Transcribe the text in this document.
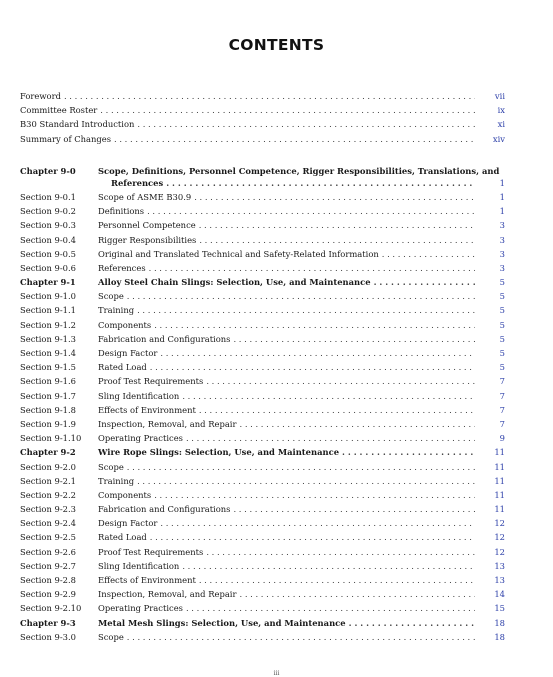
CONTENTS
Foreword . . .	vii
Committee Roster . . .	ix
B30 Standard Introduction . . .	xi
Summary of Changes . . .	xiv
Chapter 9-0	Scope, Definitions, Personnel Competence, Rigger Responsibilities, Translations, and
References . . .	1
Section 9-0.1	Scope of ASME B30.9 . . .	1
Section 9-0.2	Definitions . . .	1
Section 9-0.3	Personnel Competence . . .	3
Section 9-0.4	Rigger Responsibilities . . .	3
Section 9-0.5	Original and Translated Technical and Safety-Related Information . . .	3
Section 9-0.6	References . . .	3
Chapter 9-1	Alloy Steel Chain Slings: Selection, Use, and Maintenance . . .	5
Section 9-1.0	Scope . . .	5
Section 9-1.1	Training . . .	5
Section 9-1.2	Components . . .	5
Section 9-1.3	Fabrication and Configurations . . .	5
Section 9-1.4	Design Factor . . .	5
Section 9-1.5	Rated Load . . .	5
Section 9-1.6	Proof Test Requirements . . .	7
Section 9-1.7	Sling Identification . . .	7
Section 9-1.8	Effects of Environment . . .	7
Section 9-1.9	Inspection, Removal, and Repair . . .	7
Section 9-1.10	Operating Practices . . .	9
Chapter 9-2	Wire Rope Slings: Selection, Use, and Maintenance . . .	11
Section 9-2.0	Scope . . .	11
Section 9-2.1	Training . . .	11
Section 9-2.2	Components . . .	11
Section 9-2.3	Fabrication and Configurations . . .	11
Section 9-2.4	Design Factor . . .	12
Section 9-2.5	Rated Load . . .	12
Section 9-2.6	Proof Test Requirements . . .	12
Section 9-2.7	Sling Identification . . .	13
Section 9-2.8	Effects of Environment . . .	13
Section 9-2.9	Inspection, Removal, and Repair . . .	14
Section 9-2.10	Operating Practices . . .	15
Chapter 9-3	Metal Mesh Slings: Selection, Use, and Maintenance . . .	18
Section 9-3.0	Scope . . .	18
iii
